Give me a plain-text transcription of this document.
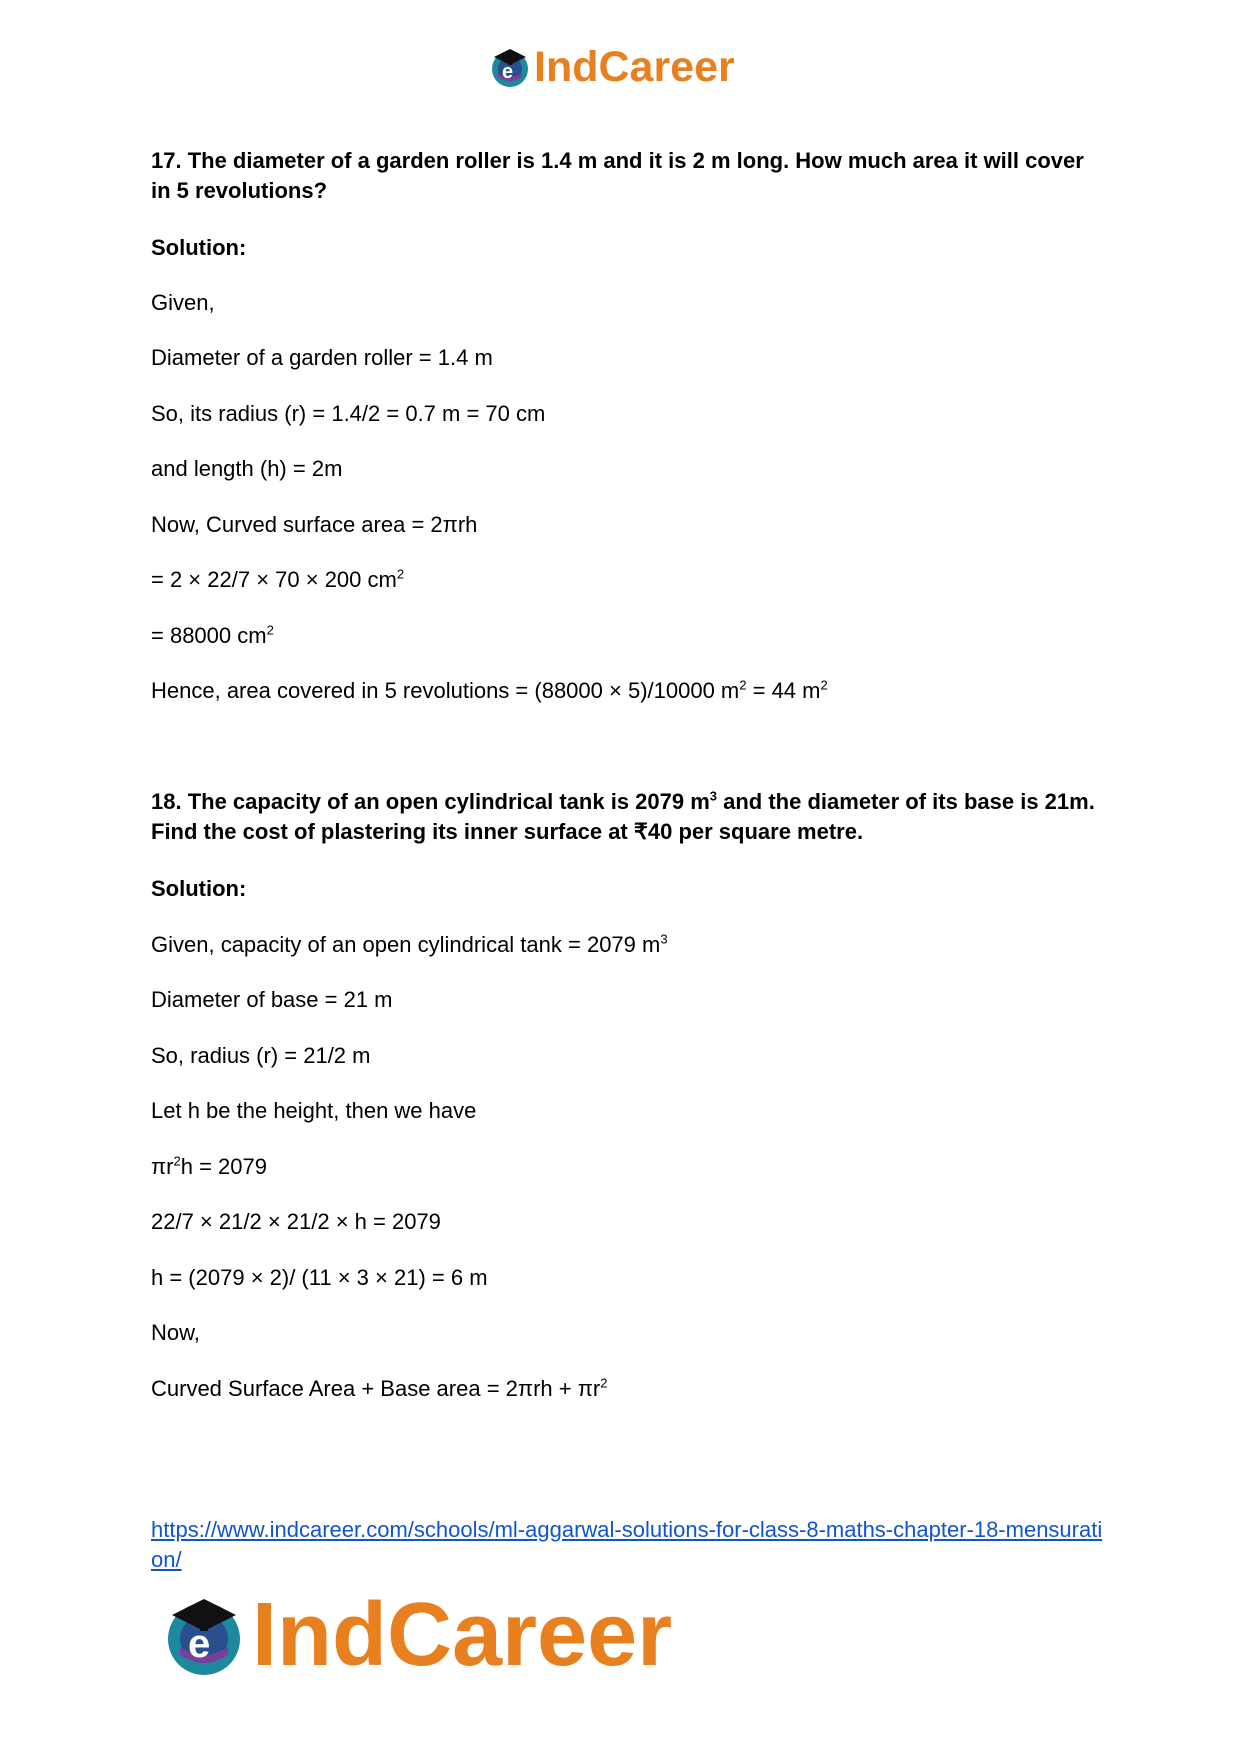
e IndCareer
17. The diameter of a garden roller is 1.4 m and it is 2 m long. How much area it will cover in 5 revolutions?
Solution:
Given,
Diameter of a garden roller = 1.4 m
So, its radius (r) = 1.4/2 = 0.7 m = 70 cm
and length (h) = 2m
Now, Curved surface area = 2πrh
= 2 × 22/7 × 70 × 200 $cm^2$
= 88000 $cm^2$
Hence, area covered in 5 revolutions = (88000 × 5)/10000 $m^2 = 44$ $m^2$
18. The capacity of an open cylindrical tank is 2079 $m^3$ and the diameter of its base is 21m. Find the cost of plastering its inner surface at ₹40 per square metre.
Solution:
Given, capacity of an open cylindrical tank = 2079 $m^3$
Diameter of base = 21 m
So, radius (r) = 21/2 m
Let h be the height, then we have
$\pi r^2h = 2079$
22/7 × 21/2 × 21/2 × h = 2079
h = (2079 × 2)/ (11 × 3 × 21) = 6 m
Now,
Curved Surface Area + Base area = $2\pi rh + \pi r^2$
https://www.indcareer.com/schools/ml-aggarwal-solutions-for-class-8-maths-chapter-18-mensuration/
e IndCareer
